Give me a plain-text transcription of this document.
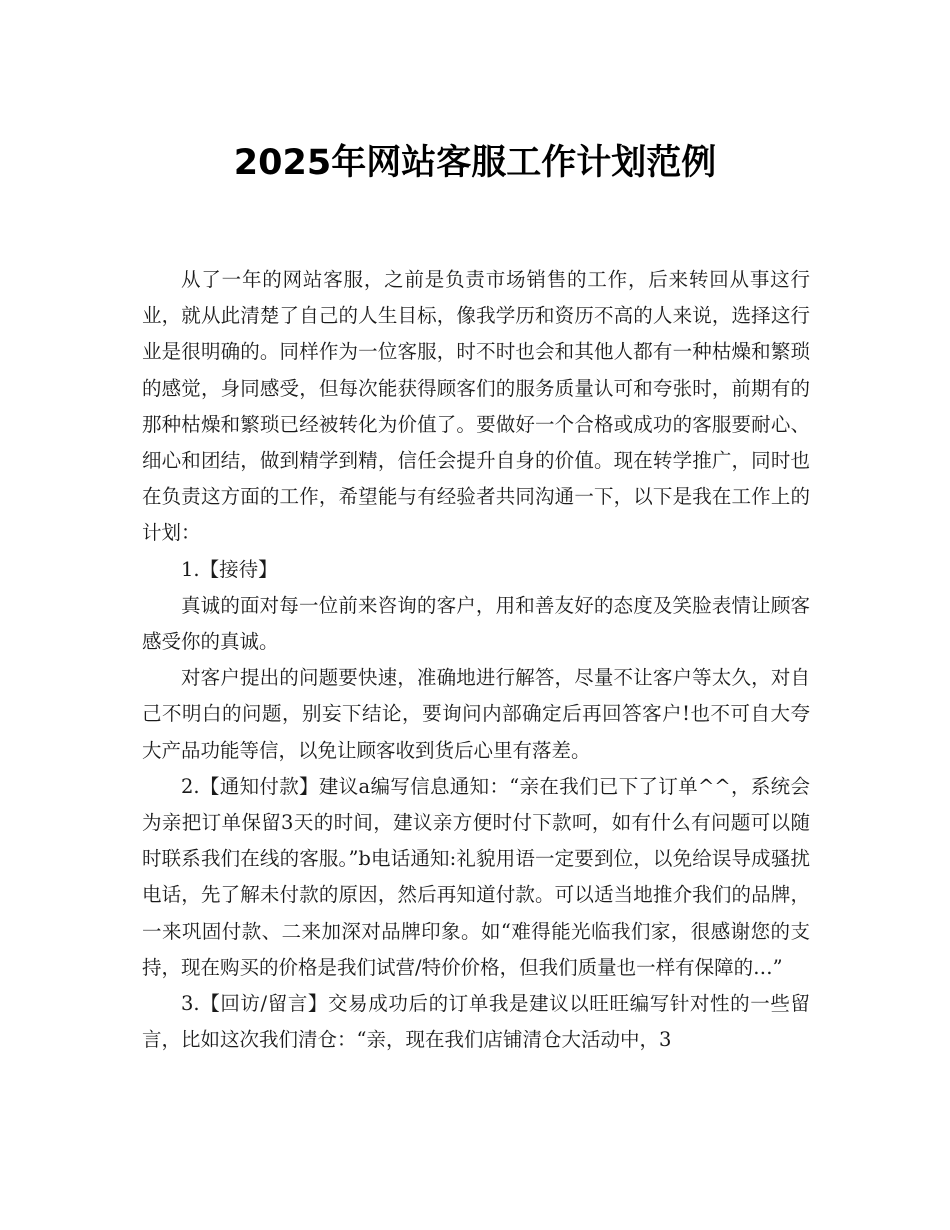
2025年网站客服工作计划范例

从了一年的网站客服，之前是负责市场销售的工作，后来转回从事这行业，就从此清楚了自己的人生目标，像我学历和资历不高的人来说，选择这行业是很明确的。同样作为一位客服，时不时也会和其他人都有一种枯燥和繁琐的感觉，身同感受，但每次能获得顾客们的服务质量认可和夸张时，前期有的那种枯燥和繁琐已经被转化为价值了。要做好一个合格或成功的客服要耐心、细心和团结，做到精学到精，信任会提升自身的价值。现在转学推广，同时也在负责这方面的工作，希望能与有经验者共同沟通一下，以下是我在工作上的计划：

1.【接待】

真诚的面对每一位前来咨询的客户，用和善友好的态度及笑脸表情让顾客感受你的真诚。

对客户提出的问题要快速，准确地进行解答，尽量不让客户等太久，对自己不明白的问题，别妄下结论，要询问内部确定后再回答客户!也不可自大夸大产品功能等信，以免让顾客收到货后心里有落差。

2.【通知付款】建议a编写信息通知：“亲在我们已下了订单^^，系统会为亲把订单保留3天的时间，建议亲方便时付下款呵，如有什么有问题可以随时联系我们在线的客服。”b电话通知:礼貌用语一定要到位，以免给误导成骚扰电话，先了解未付款的原因，然后再知道付款。可以适当地推介我们的品牌，一来巩固付款、二来加深对品牌印象。如“难得能光临我们家，很感谢您的支持，现在购买的价格是我们试营/特价价格，但我们质量也一样有保障的…”

3.【回访/留言】交易成功后的订单我是建议以旺旺编写针对性的一些留言，比如这次我们清仓：“亲，现在我们店铺清仓大活动中，3
